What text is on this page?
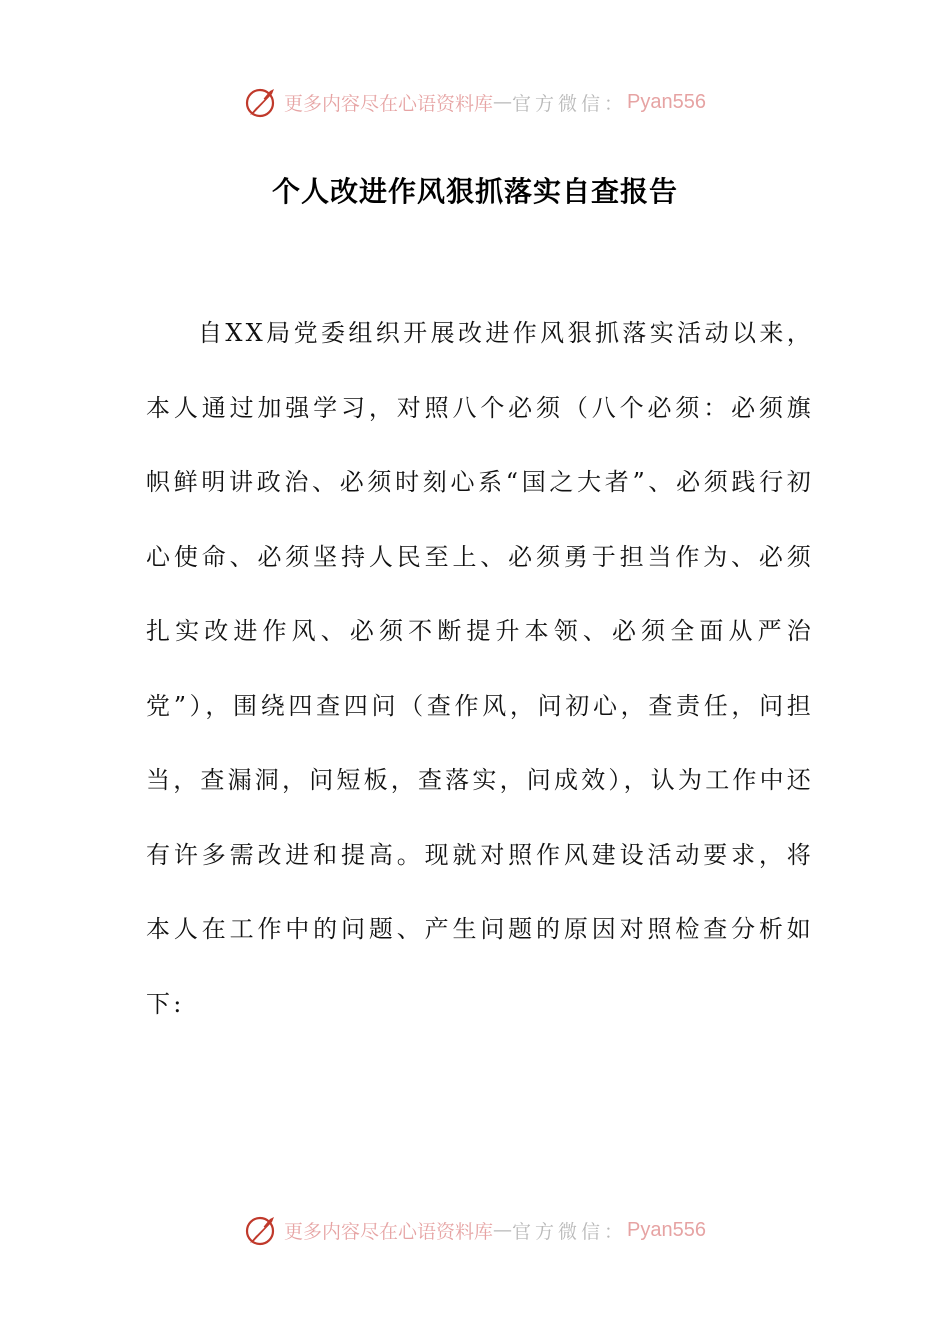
更多内容尽在心语资料库 — 官方微信： Pyan556
个人改进作风狠抓落实自查报告

自XX局党委组织开展改进作风狠抓落实活动以来，本人通过加强学习，对照八个必须（八个必须：必须旗帜鲜明讲政治、必须时刻心系“国之大者”、必须践行初心使命、必须坚持人民至上、必须勇于担当作为、必须扎实改进作风、必须不断提升本领、必须全面从严治党”），围绕四查四问（查作风，问初心，查责任，问担当，查漏洞，问短板，查落实，问成效），认为工作中还有许多需改进和提高。现就对照作风建设活动要求，将本人在工作中的问题、产生问题的原因对照检查分析如下:

更多内容尽在心语资料库 — 官方微信： Pyan556
